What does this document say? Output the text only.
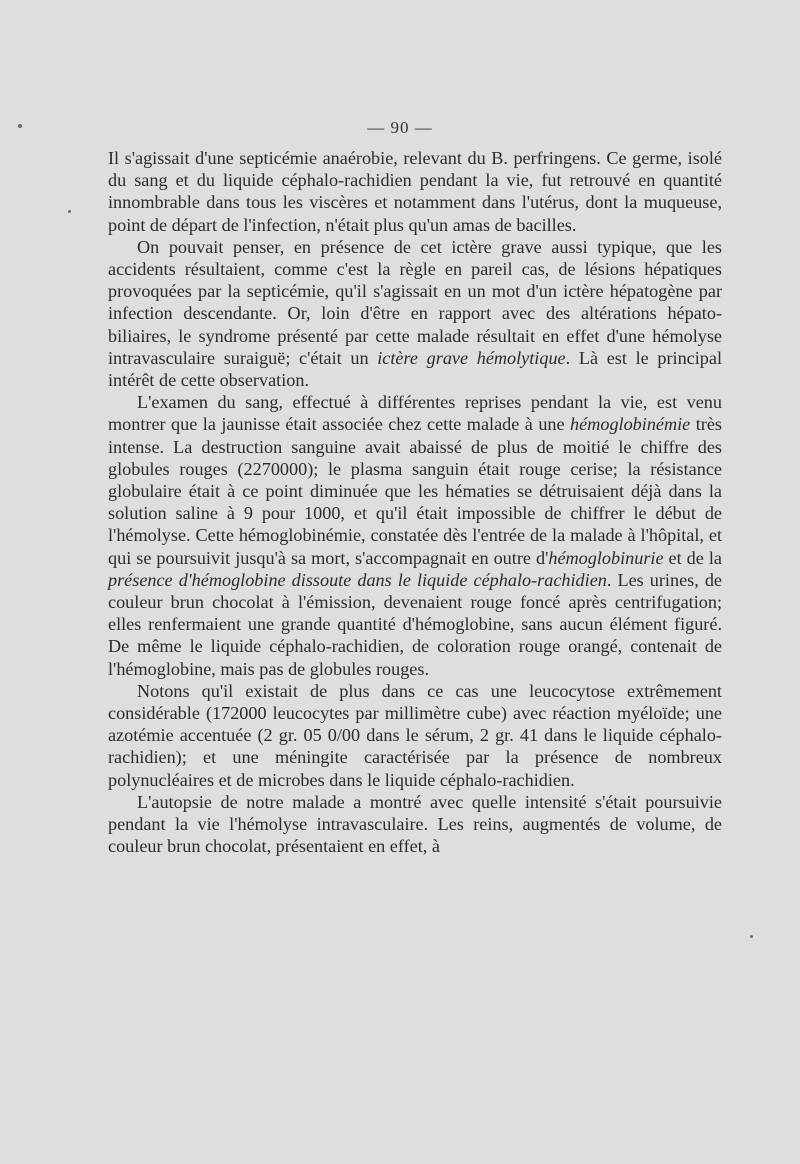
— 90 —

Il s'agissait d'une septicémie anaérobie, relevant du B. perfringens. Ce germe, isolé du sang et du liquide céphalo-rachidien pendant la vie, fut retrouvé en quantité innombrable dans tous les viscères et notamment dans l'utérus, dont la muqueuse, point de départ de l'infection, n'était plus qu'un amas de bacilles.

On pouvait penser, en présence de cet ictère grave aussi typique, que les accidents résultaient, comme c'est la règle en pareil cas, de lésions hépatiques provoquées par la septicémie, qu'il s'agissait en un mot d'un ictère hépatogène par infection descendante. Or, loin d'être en rapport avec des altérations hépato-biliaires, le syndrome présenté par cette malade résultait en effet d'une hémolyse intravasculaire suraiguë; c'était un ictère grave hémolytique. Là est le principal intérêt de cette observation.

L'examen du sang, effectué à différentes reprises pendant la vie, est venu montrer que la jaunisse était associée chez cette malade à une hémoglobinémie très intense. La destruction sanguine avait abaissé de plus de moitié le chiffre des globules rouges (2270000); le plasma sanguin était rouge cerise; la résistance globulaire était à ce point diminuée que les hématies se détruisaient déjà dans la solution saline à 9 pour 1000, et qu'il était impossible de chiffrer le début de l'hémolyse. Cette hémoglobinémie, constatée dès l'entrée de la malade à l'hôpital, et qui se poursuivit jusqu'à sa mort, s'accompagnait en outre d'hémoglobinurie et de la présence d'hémoglobine dissoute dans le liquide céphalo-rachidien. Les urines, de couleur brun chocolat à l'émission, devenaient rouge foncé après centrifugation; elles renfermaient une grande quantité d'hémoglobine, sans aucun élément figuré. De même le liquide céphalo-rachidien, de coloration rouge orangé, contenait de l'hémoglobine, mais pas de globules rouges.

Notons qu'il existait de plus dans ce cas une leucocytose extrêmement considérable (172000 leucocytes par millimètre cube) avec réaction myéloïde; une azotémie accentuée (2 gr. 05 0/00 dans le sérum, 2 gr. 41 dans le liquide céphalo-rachidien); et une méningite caractérisée par la présence de nombreux polynucléaires et de microbes dans le liquide céphalo-rachidien.

L'autopsie de notre malade a montré avec quelle intensité s'était poursuivie pendant la vie l'hémolyse intravasculaire. Les reins, augmentés de volume, de couleur brun chocolat, présentaient en effet, à
